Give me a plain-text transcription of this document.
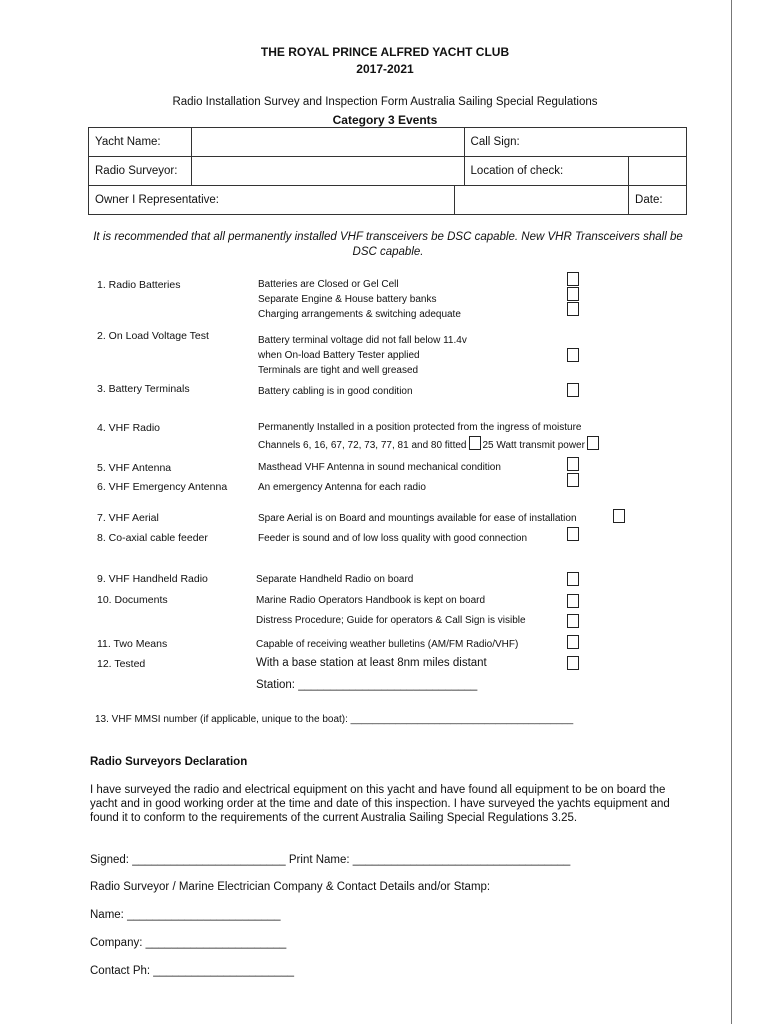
THE ROYAL PRINCE ALFRED YACHT CLUB
2017-2021
Radio Installation Survey and Inspection Form Australia Sailing Special Regulations
Category 3 Events
Yacht Name:			Call Sign:	
Radio Surveyor:			Location of check:	
Owner I Representative:				Date:
It is recommended that all permanently installed VHF transceivers be DSC capable. New VHR Transceivers shall be DSC capable.
1. Radio Batteries	Batteries are Closed or Gel Cell
Separate Engine & House battery banks
Charging arrangements & switching adequate
2. On Load Voltage Test	Battery terminal voltage did not fall below 11.4v
when On-load Battery Tester applied
Terminals are tight and well greased
3. Battery Terminals	Battery cabling is in good condition
4. VHF Radio	Permanently Installed in a position protected from the ingress of moisture
Channels 6, 16, 67, 72, 73, 77, 81 and 80 fitted 25 Watt transmit power
5. VHF Antenna	Masthead VHF Antenna in sound mechanical condition
6. VHF Emergency Antenna	An emergency Antenna for each radio
7. VHF Aerial	Spare Aerial is on Board and mountings available for ease of installation
8. Co-axial cable feeder	Feeder is sound and of low loss quality with good connection
9. VHF Handheld Radio	Separate Handheld Radio on board
10. Documents	Marine Radio Operators Handbook is kept on board
Distress Procedure; Guide for operators & Call Sign is visible
11. Two Means	Capable of receiving weather bulletins (AM/FM Radio/VHF)
12. Tested	With a base station at least 8nm miles distant
Station: ____________________________
13. VHF MMSI number (if applicable, unique to the boat): ________________________________________
Radio Surveyors Declaration
I have surveyed the radio and electrical equipment on this yacht and have found all equipment to be on board the yacht and in good working order at the time and date of this inspection. I have surveyed the yachts equipment and found it to conform to the requirements of the current Australia Sailing Special Regulations 3.25.
Signed: ________________________ Print Name: __________________________________
Radio Surveyor / Marine Electrician Company & Contact Details and/or Stamp:
Name: ________________________
Company: ______________________
Contact Ph: ______________________
